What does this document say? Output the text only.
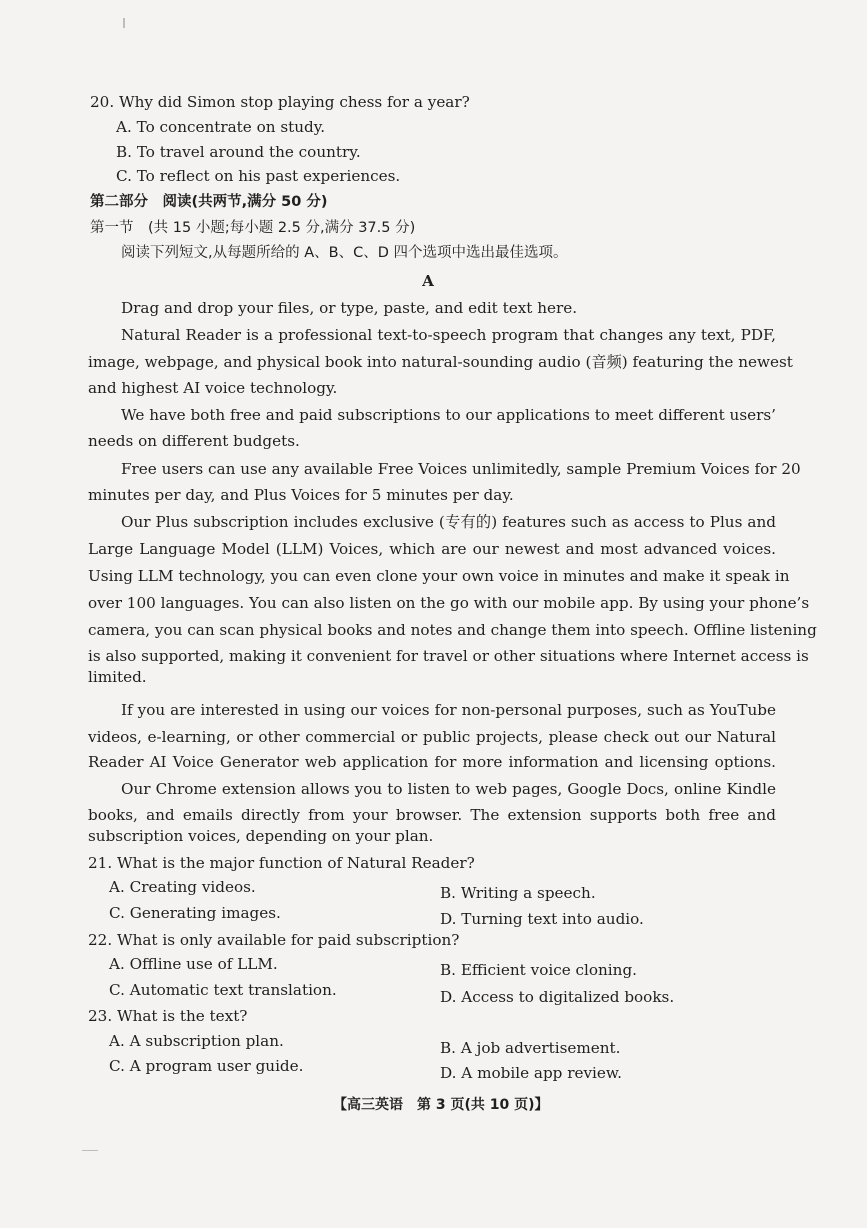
20. Why did Simon stop playing chess for a year?
A. To concentrate on study.
B. To travel around the country.
C. To reflect on his past experiences.
第二部分　阅读(共两节,满分 50 分)
第一节　(共 15 小题;每小题 2.5 分,满分 37.5 分)
阅读下列短文,从每题所给的 A、B、C、D 四个选项中选出最佳选项。
A
Drag and drop your files, or type, paste, and edit text here.
Natural Reader is a professional text-to-speech program that changes any text, PDF,
image, webpage, and physical book into natural-sounding audio (音频) featuring the newest
and highest AI voice technology.
We have both free and paid subscriptions to our applications to meet different users’
needs on different budgets.
Free users can use any available Free Voices unlimitedly, sample Premium Voices for 20
minutes per day, and Plus Voices for 5 minutes per day.
Our Plus subscription includes exclusive (专有的) features such as access to Plus and
Large Language Model (LLM) Voices, which are our newest and most advanced voices.
Using LLM technology, you can even clone your own voice in minutes and make it speak in
over 100 languages. You can also listen on the go with our mobile app. By using your phone’s
camera, you can scan physical books and notes and change them into speech. Offline listening
is also supported, making it convenient for travel or other situations where Internet access is
limited.
If you are interested in using our voices for non-personal purposes, such as YouTube
videos, e-learning, or other commercial or public projects, please check out our Natural
Reader AI Voice Generator web application for more information and licensing options.
Our Chrome extension allows you to listen to web pages, Google Docs, online Kindle
books, and emails directly from your browser. The extension supports both free and
subscription voices, depending on your plan.
21. What is the major function of Natural Reader?
A. Creating videos.	B. Writing a speech.
C. Generating images.	D. Turning text into audio.
22. What is only available for paid subscription?
A. Offline use of LLM.	B. Efficient voice cloning.
C. Automatic text translation.	D. Access to digitalized books.
23. What is the text?
A. A subscription plan.	B. A job advertisement.
C. A program user guide.	D. A mobile app review.
【高三英语　第 3 页(共 10 页)】
